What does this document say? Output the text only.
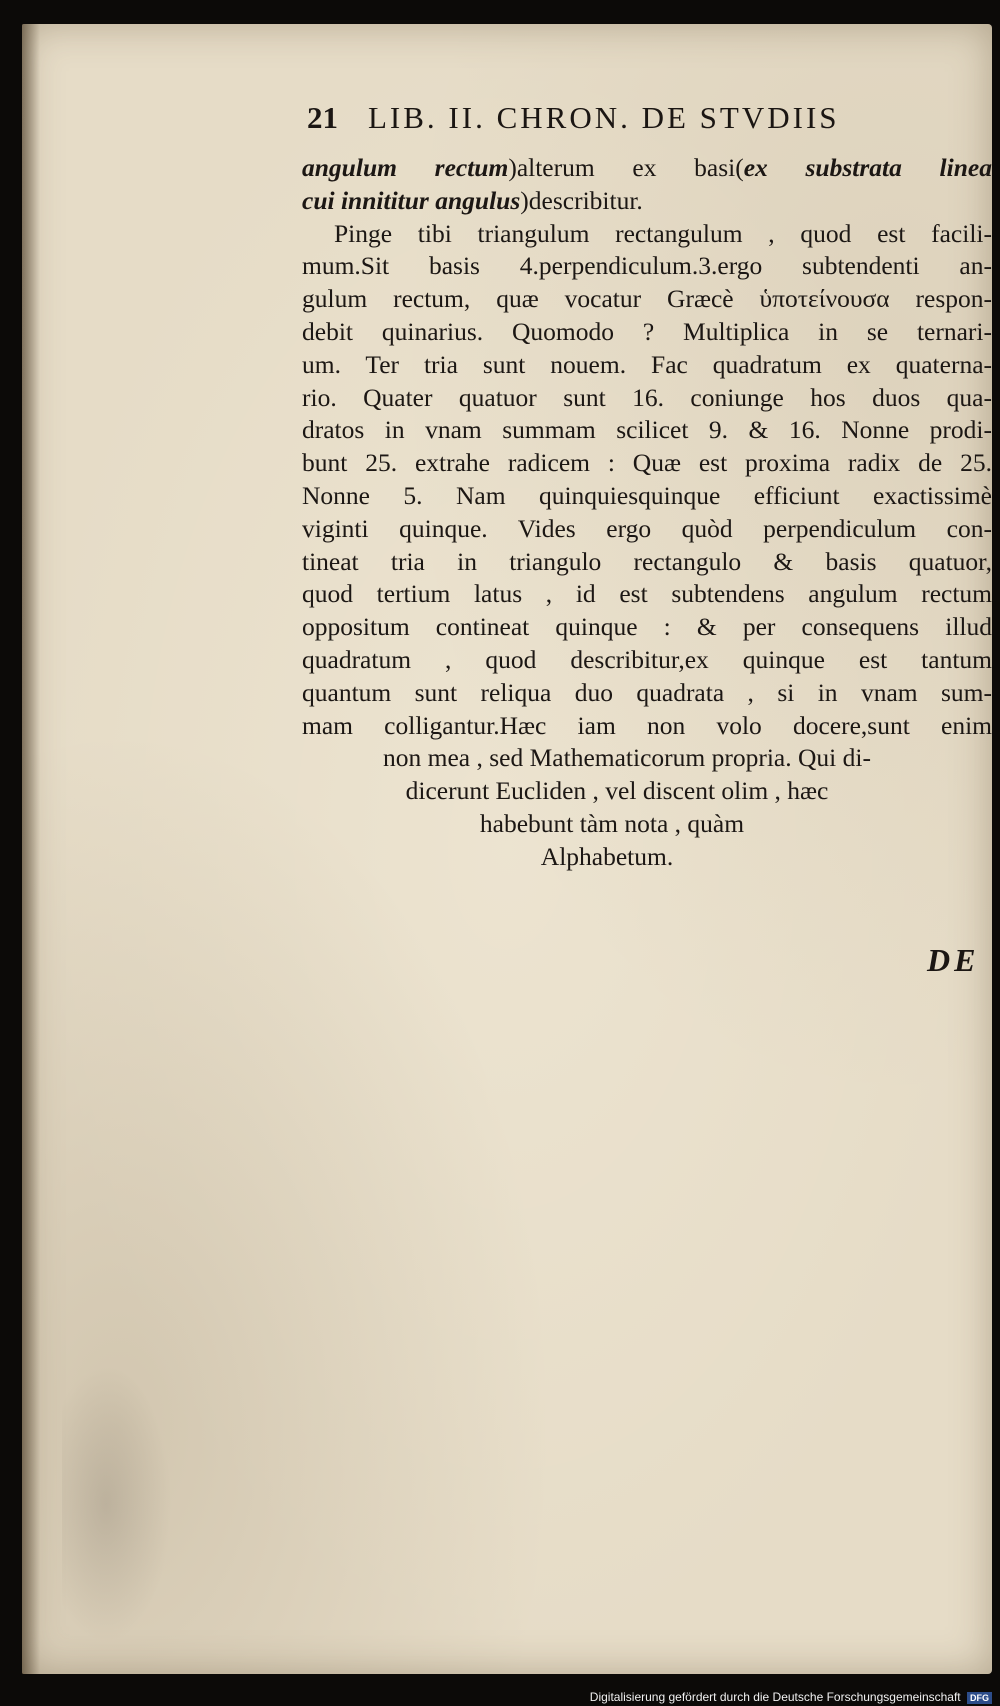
21 LIB. II. CHRON. DE STVDIIS
angulum rectum)alterum ex basi(ex substrata linea
cui innititur angulus)describitur.
Pinge tibi triangulum rectangulum , quod est facili-
mum.Sit basis 4.perpendiculum.3.ergo subtendenti an-
gulum rectum, quæ vocatur Græcè ὑποτείνουσα respon-
debit quinarius. Quomodo ? Multiplica in se ternari-
um. Ter tria sunt nouem. Fac quadratum ex quaterna-
rio. Quater quatuor sunt 16. coniunge hos duos qua-
dratos in vnam summam scilicet 9. & 16. Nonne prodi-
bunt 25. extrahe radicem : Quæ est proxima radix de 25.
Nonne 5. Nam quinquiesquinque efficiunt exactissimè
viginti quinque. Vides ergo quòd perpendiculum con-
tineat tria in triangulo rectangulo & basis quatuor,
quod tertium latus , id est subtendens angulum rectum
oppositum contineat quinque : & per consequens illud
quadratum , quod describitur,ex quinque est tantum
quantum sunt reliqua duo quadrata , si in vnam sum-
mam colligantur.Hæc iam non volo docere,sunt enim
non mea , sed Mathematicorum propria. Qui di-
dicerunt Eucliden , vel discent olim , hæc
habebunt tàm nota , quàm
Alphabetum.
DE
Digitalisierung gefördert durch die Deutsche Forschungsgemeinschaft DFG
